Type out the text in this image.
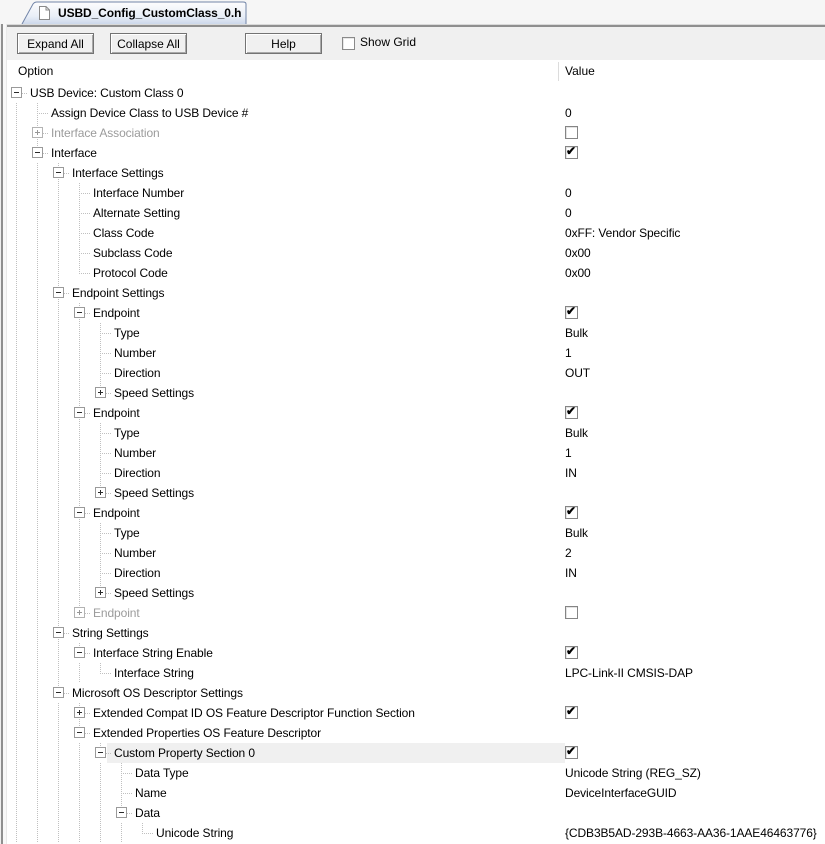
USBD_Config_CustomClass_0.h
Expand All	Collapse All	Help	Show Grid
Option	Value
USB Device: Custom Class 0
Assign Device Class to USB Device #	0
Interface Association
Interface	✔
Interface Settings
Interface Number	0
Alternate Setting	0
Class Code	0xFF: Vendor Specific
Subclass Code	0x00
Protocol Code	0x00
Endpoint Settings
Endpoint	✔
Type	Bulk
Number	1
Direction	OUT
Speed Settings
Endpoint	✔
Type	Bulk
Number	1
Direction	IN
Speed Settings
Endpoint	✔
Type	Bulk
Number	2
Direction	IN
Speed Settings
Endpoint
String Settings
Interface String Enable	✔
Interface String	LPC-Link-II CMSIS-DAP
Microsoft OS Descriptor Settings
Extended Compat ID OS Feature Descriptor Function Section	✔
Extended Properties OS Feature Descriptor
Custom Property Section 0	✔
Data Type	Unicode String (REG_SZ)
Name	DeviceInterfaceGUID
Data
Unicode String	{CDB3B5AD-293B-4663-AA36-1AAE46463776}
